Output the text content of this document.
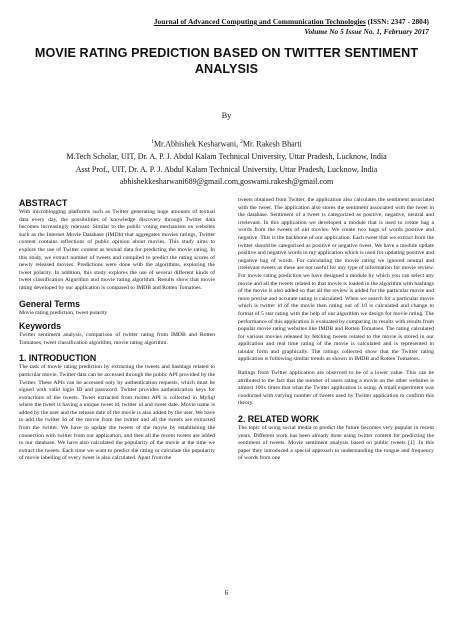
Journal of Advanced Computing and Communication Technologies (ISSN: 2347 - 2804)
Volume No 5 Issue No. 1, February 2017
MOVIE RATING PREDICTION BASED ON TWITTER SENTIMENT ANALYSIS
By
$^1$Mr.Abhishek Kesharwani, $^2$Mr. Rakesh Bharti
M.Tech Scholar, UIT, Dr. A. P. J. Abdul Kalam Technical University, Uttar Pradesh, Lucknow, India
Asst Prof., UIT, Dr. A. P. J. Abdul Kalam Technical University, Uttar Pradesh, Lucknow, India
abhishekkesharwani689@gmail.com,goswami.rakesh@gmail.com
ABSTRACT

With microblogging platforms such as Twitter generating huge amounts of textual data every day, the possibilities of knowledge discovery through Twitter data becomes increasingly relevant. Similar to the public voting mechanism on websites such as the Internet Movie Database (IMDb) that aggregates movies ratings, Twitter content contains reflections of public opinion about movies. This study aims to explore the use of Twitter content as textual data for predicting the movie rating. In this study, we extract number of tweets and compiled to predict the rating scores of newly released movies. Predictions were done with the algorithms, exploring the tweet polarity. In addition, this study explores the use of several different kinds of tweet classification Algorithm and movie rating algorithm. Results show that movie rating developed by our application is compared to IMDB and Rotten Tomatoes.

General Terms

Movie rating prediction, tweet polarity

Keywords

Twitter sentiment analysis, comparison of twitter rating from IMDB and Rotten Tomatoes, tweet classification algorithm, movie rating algorithm.

1. INTRODUCTION

The task of movie rating prediction by extracting the tweets and hashtags related to particular movie. Twitter data can be accessed through the public API provided by the Twitter. These APIs can be accessed only by authentication requests, which must be signed with valid login ID and password. Twitter provides authentication keys for extractions of the tweets. Tweet extracted from twitter API is collected in MySql where the tweet is having a unique tweet id, twitter id and tweet date. Movie name is added by the user and the release date of the movie is also added by the user. We have to add the twitter Id of the movie from the twitter and all the tweets are extracted from the twitter. We have to update the tweets of the movie by establishing the connection with twitter from our application, and then all the recent tweets are added to our database. We have also calculated the popularity of the movie at the time we extract the tweets. Each time we want to predict the rating or calculate the popularity of movie labelling of every tweet is also calculated. Apart from the

tweets obtained from Twitter, the application also calculates the sentiment associated with the tweet. The application also stores the sentiment associated with the tweet in the database. Sentiment of a tweet is categorized as positive, negative, neutral and irrelevant. In this application we developed a module that is used to create bag a words from the tweets of old movies. We create two bags of words positive and negative .This is the backbone of our application. Each tweet that we extract from the twitter should be categorised as positive or negative tweet. We have a module update positive and negative words in my application which is used for updating positive and negative bag of words. For calculating the movie rating we ignored neutral and irrelevant tweets as these are not useful for any type of information for movie review. For movie rating prediction we have designed a module by which you can select any movie and all the tweets related to that movie is loaded in the algorithm with hashtags of the movie is also added so that all the review is added for the particular movie and more precise and accurate rating is calculated. When we search for a particular movie which is twitter id of the movie then rating out of 10 is calculated and change to format of 5 star rating with the help of our algorithm we design for movie rating. The performance of this application is evaluated by comparing its results with results from popular movie rating websites like IMDB and Rotten Tomatoes. The rating calculated for various movies released by fetching tweets related to the movie is stored in our application and real time rating of the movie is calculated and is represented in tabular form and graphically. The ratings collected show that the Twitter rating application is following similar trends as shown in IMDB and Rotten Tomatoes.

Ratings from Twitter application are observed to be of a lower value. This can be attributed to the fact that the number of users rating a movie on the other websites is almost 100x times that what the Twitter application is using. A small experiment was conducted with varying number of tweets used by Twitter application to confirm this theory.

2. RELATED WORK

The topic of using social media to predict the future becomes very popular in recent years. Different work has been already done using twitter content for predicting the sentiment of tweets. Movie sentiment analysis based on public tweets [1] .In this paper they introduced a special approach to understanding the tongue and frequency of words from one

6
